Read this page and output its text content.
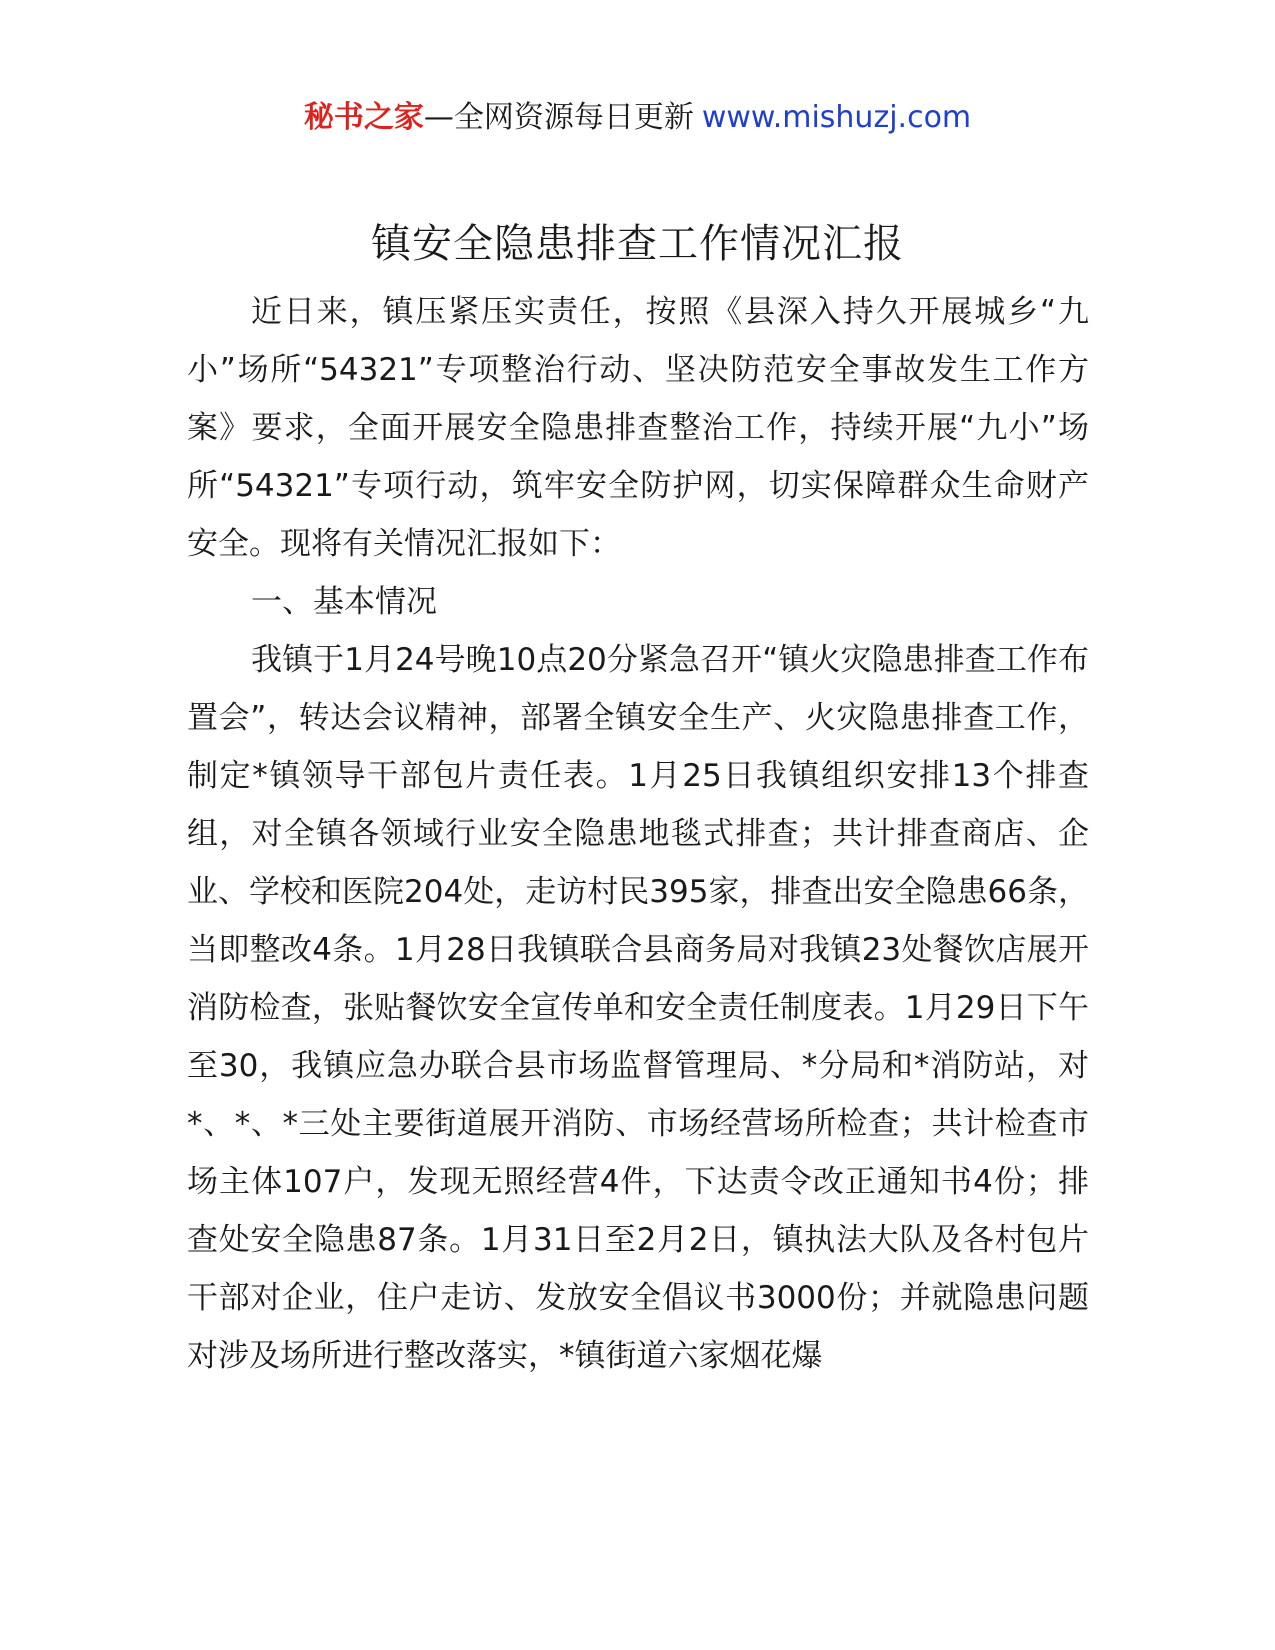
秘书之家—全网资源每日更新 www.mishuzj.com
镇安全隐患排查工作情况汇报

近日来，镇压紧压实责任，按照《县深入持久开展城乡“九小”场所“54321”专项整治行动、坚决防范安全事故发生工作方案》要求，全面开展安全隐患排查整治工作，持续开展“九小”场所“54321”专项行动，筑牢安全防护网，切实保障群众生命财产安全。现将有关情况汇报如下：

一、基本情况

我镇于1月24号晚10点20分紧急召开“镇火灾隐患排查工作布置会”，转达会议精神，部署全镇安全生产、火灾隐患排查工作，制定*镇领导干部包片责任表。1月25日我镇组织安排13个排查组，对全镇各领域行业安全隐患地毯式排查；共计排查商店、企业、学校和医院204处，走访村民395家，排查出安全隐患66条，当即整改4条。1月28日我镇联合县商务局对我镇23处餐饮店展开消防检查，张贴餐饮安全宣传单和安全责任制度表。1月29日下午至30，我镇应急办联合县市场监督管理局、*分局和*消防站，对*、*、*三处主要街道展开消防、市场经营场所检查；共计检查市场主体107户，发现无照经营4件，下达责令改正通知书4份；排查处安全隐患87条。1月31日至2月2日，镇执法大队及各村包片干部对企业，住户走访、发放安全倡议书3000份；并就隐患问题对涉及场所进行整改落实，*镇街道六家烟花爆
